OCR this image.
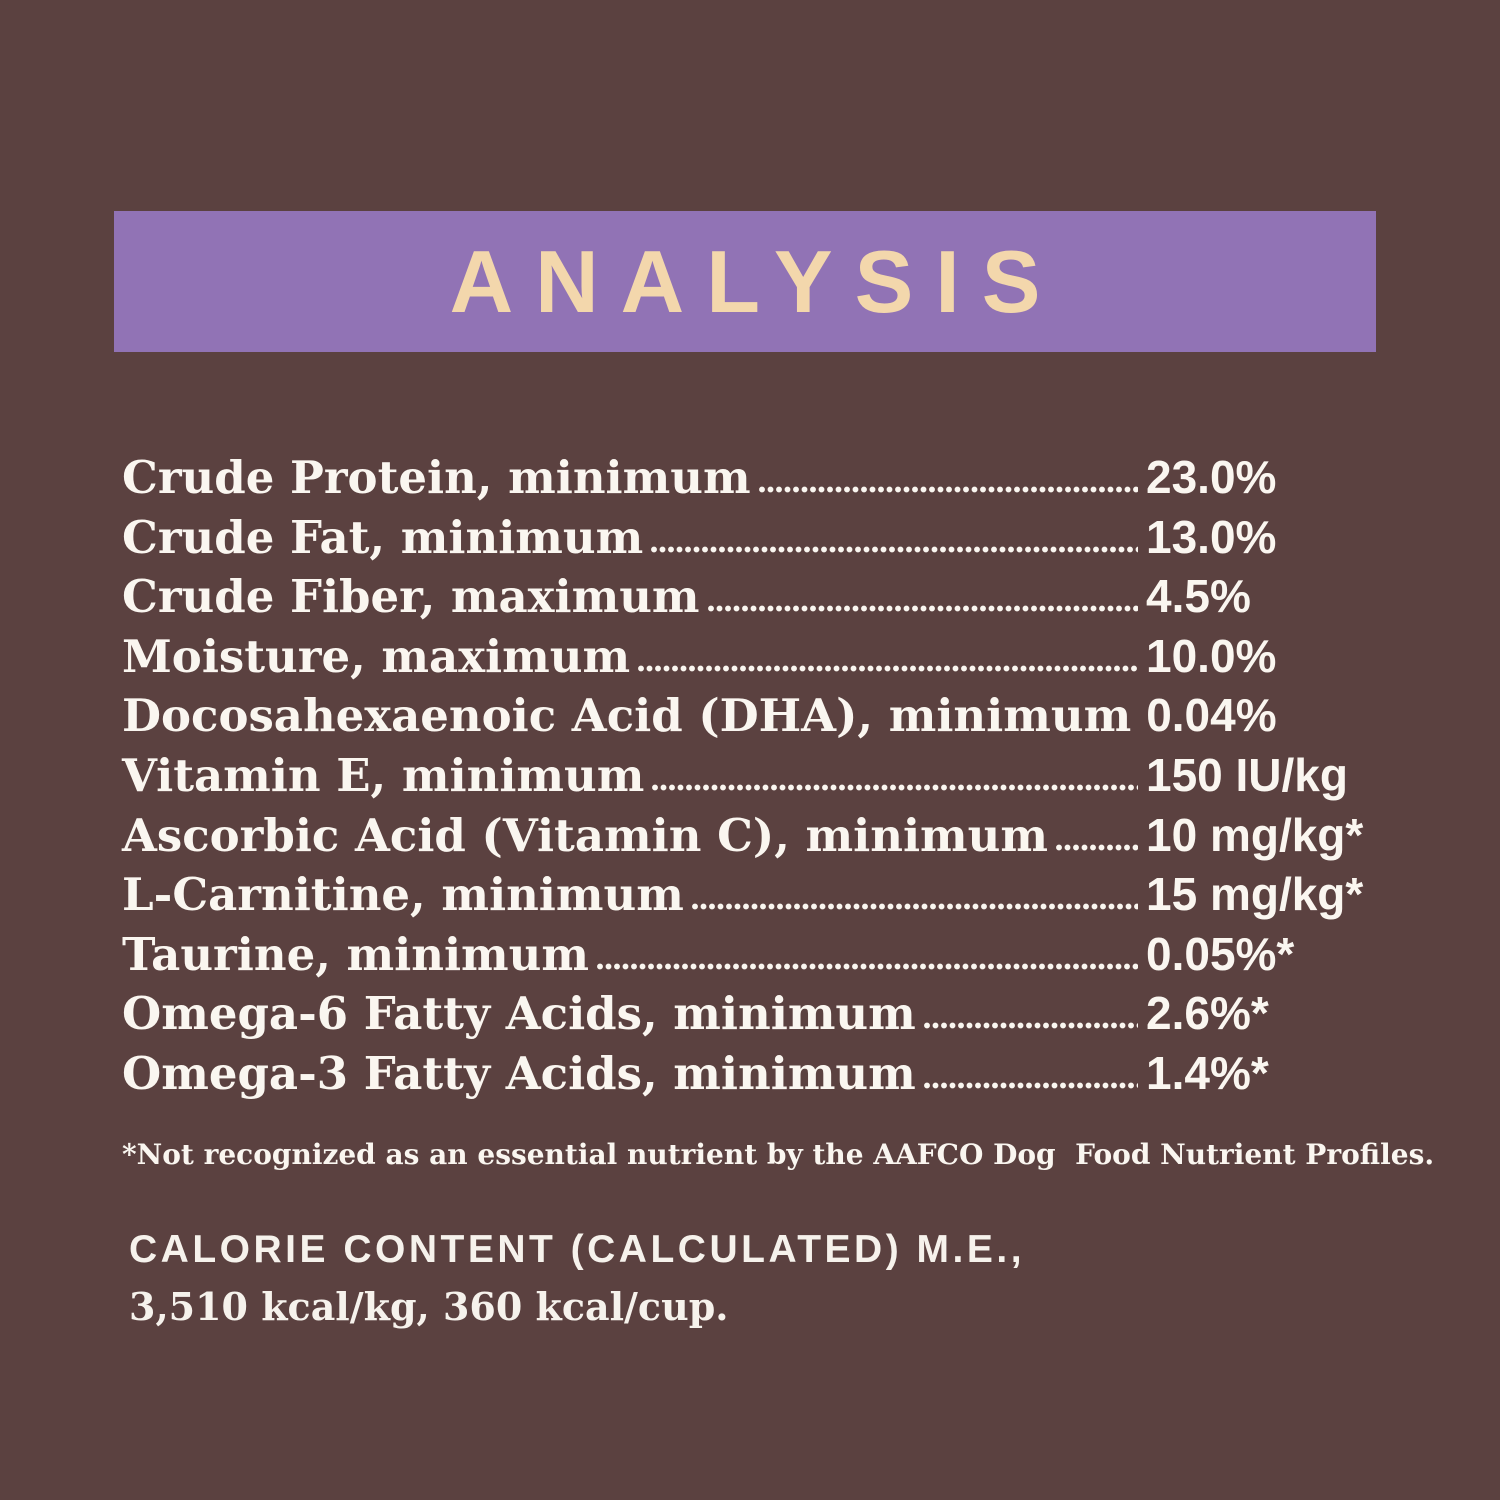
ANALYSIS
Crude Protein, minimum	23.0%
Crude Fat, minimum	13.0%
Crude Fiber, maximum	4.5%
Moisture, maximum	10.0%
Docosahexaenoic Acid (DHA), minimum 0.04%
Vitamin E, minimum	150 IU/kg
Ascorbic Acid (Vitamin C), minimum 10 mg/kg*
L-Carnitine, minimum	15 mg/kg*
Taurine, minimum	0.05%*
Omega-6 Fatty Acids, minimum	2.6%*
Omega-3 Fatty Acids, minimum	1.4%*
*Not recognized as an essential nutrient by the AAFCO Dog  Food Nutrient Profiles.
CALORIE CONTENT (CALCULATED) M.E.,
3,510 kcal/kg, 360 kcal/cup.
